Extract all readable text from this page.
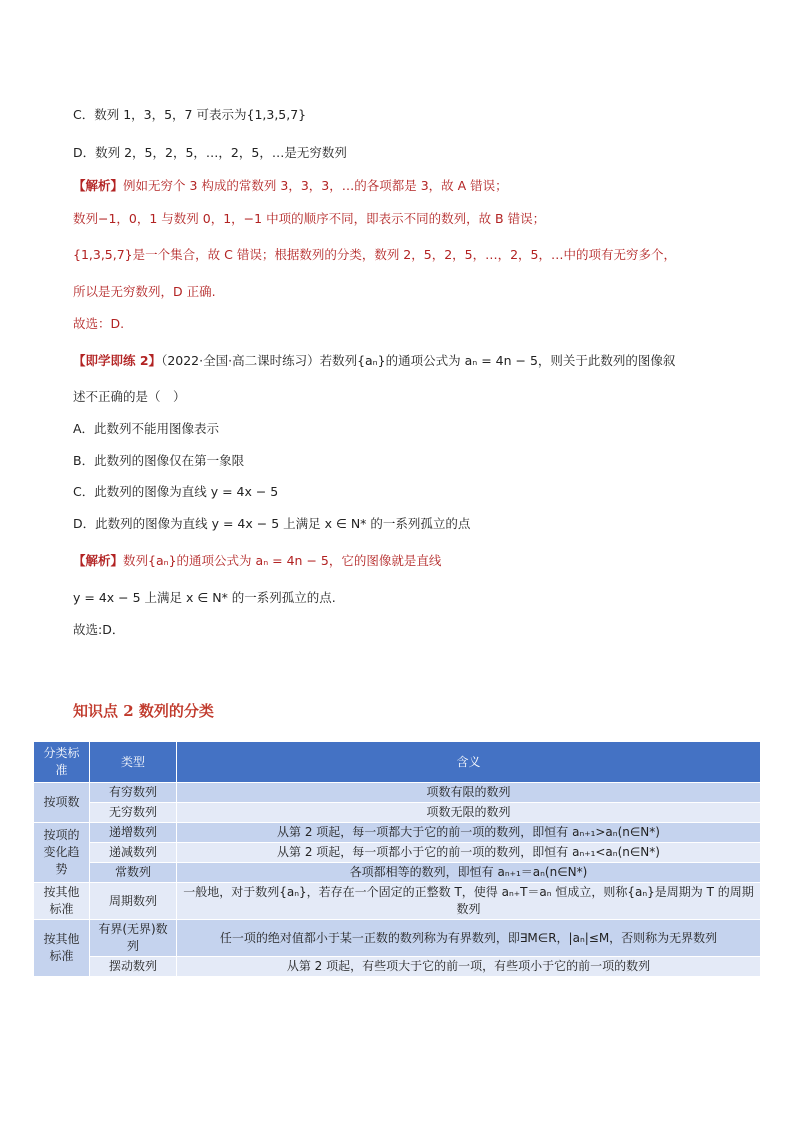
C．数列 1，3，5，7 可表示为{1,3,5,7}
D．数列 2，5，2，5，…，2，5，…是无穷数列
【解析】例如无穷个 3 构成的常数列 3，3，3，…的各项都是 3，故 A 错误；
数列−1，0，1 与数列 0，1，−1 中项的顺序不同，即表示不同的数列，故 B 错误；
{1,3,5,7}是一个集合，故 C 错误；根据数列的分类，数列 2，5，2，5，…，2，5，…中的项有无穷多个，
所以是无穷数列，D 正确.
故选：D.
【即学即练 2】（2022·全国·高二课时练习）若数列{aₙ}的通项公式为 aₙ = 4n − 5，则关于此数列的图像叙
述不正确的是（　）
A．此数列不能用图像表示
B．此数列的图像仅在第一象限
C．此数列的图像为直线 y = 4x − 5
D．此数列的图像为直线 y = 4x − 5 上满足 x ∈ N* 的一系列孤立的点
【解析】数列{aₙ}的通项公式为 aₙ = 4n − 5，它的图像就是直线
y = 4x − 5 上满足 x ∈ N* 的一系列孤立的点.
故选:D．
知识点 2 数列的分类
分类标准	类型	含义
按项数	有穷数列	项数有限的数列
	无穷数列	项数无限的数列
按项的变化趋势	递增数列	从第 2 项起，每一项都大于它的前一项的数列，即恒有 aₙ₊₁>aₙ(n∈N*)
	递减数列	从第 2 项起，每一项都小于它的前一项的数列，即恒有 aₙ₊₁<aₙ(n∈N*)
	常数列	各项都相等的数列，即恒有 aₙ₊₁＝aₙ(n∈N*)
按其他标准	周期数列	一般地，对于数列{aₙ}，若存在一个固定的正整数 T，使得 aₙ₊T＝aₙ 恒成立，则称{aₙ}是周期为 T 的周期数列
按其他标准	有界(无界)数列	任一项的绝对值都小于某一正数的数列称为有界数列，即∃M∈R，|aₙ|≤M，否则称为无界数列
	摆动数列	从第 2 项起，有些项大于它的前一项，有些项小于它的前一项的数列
